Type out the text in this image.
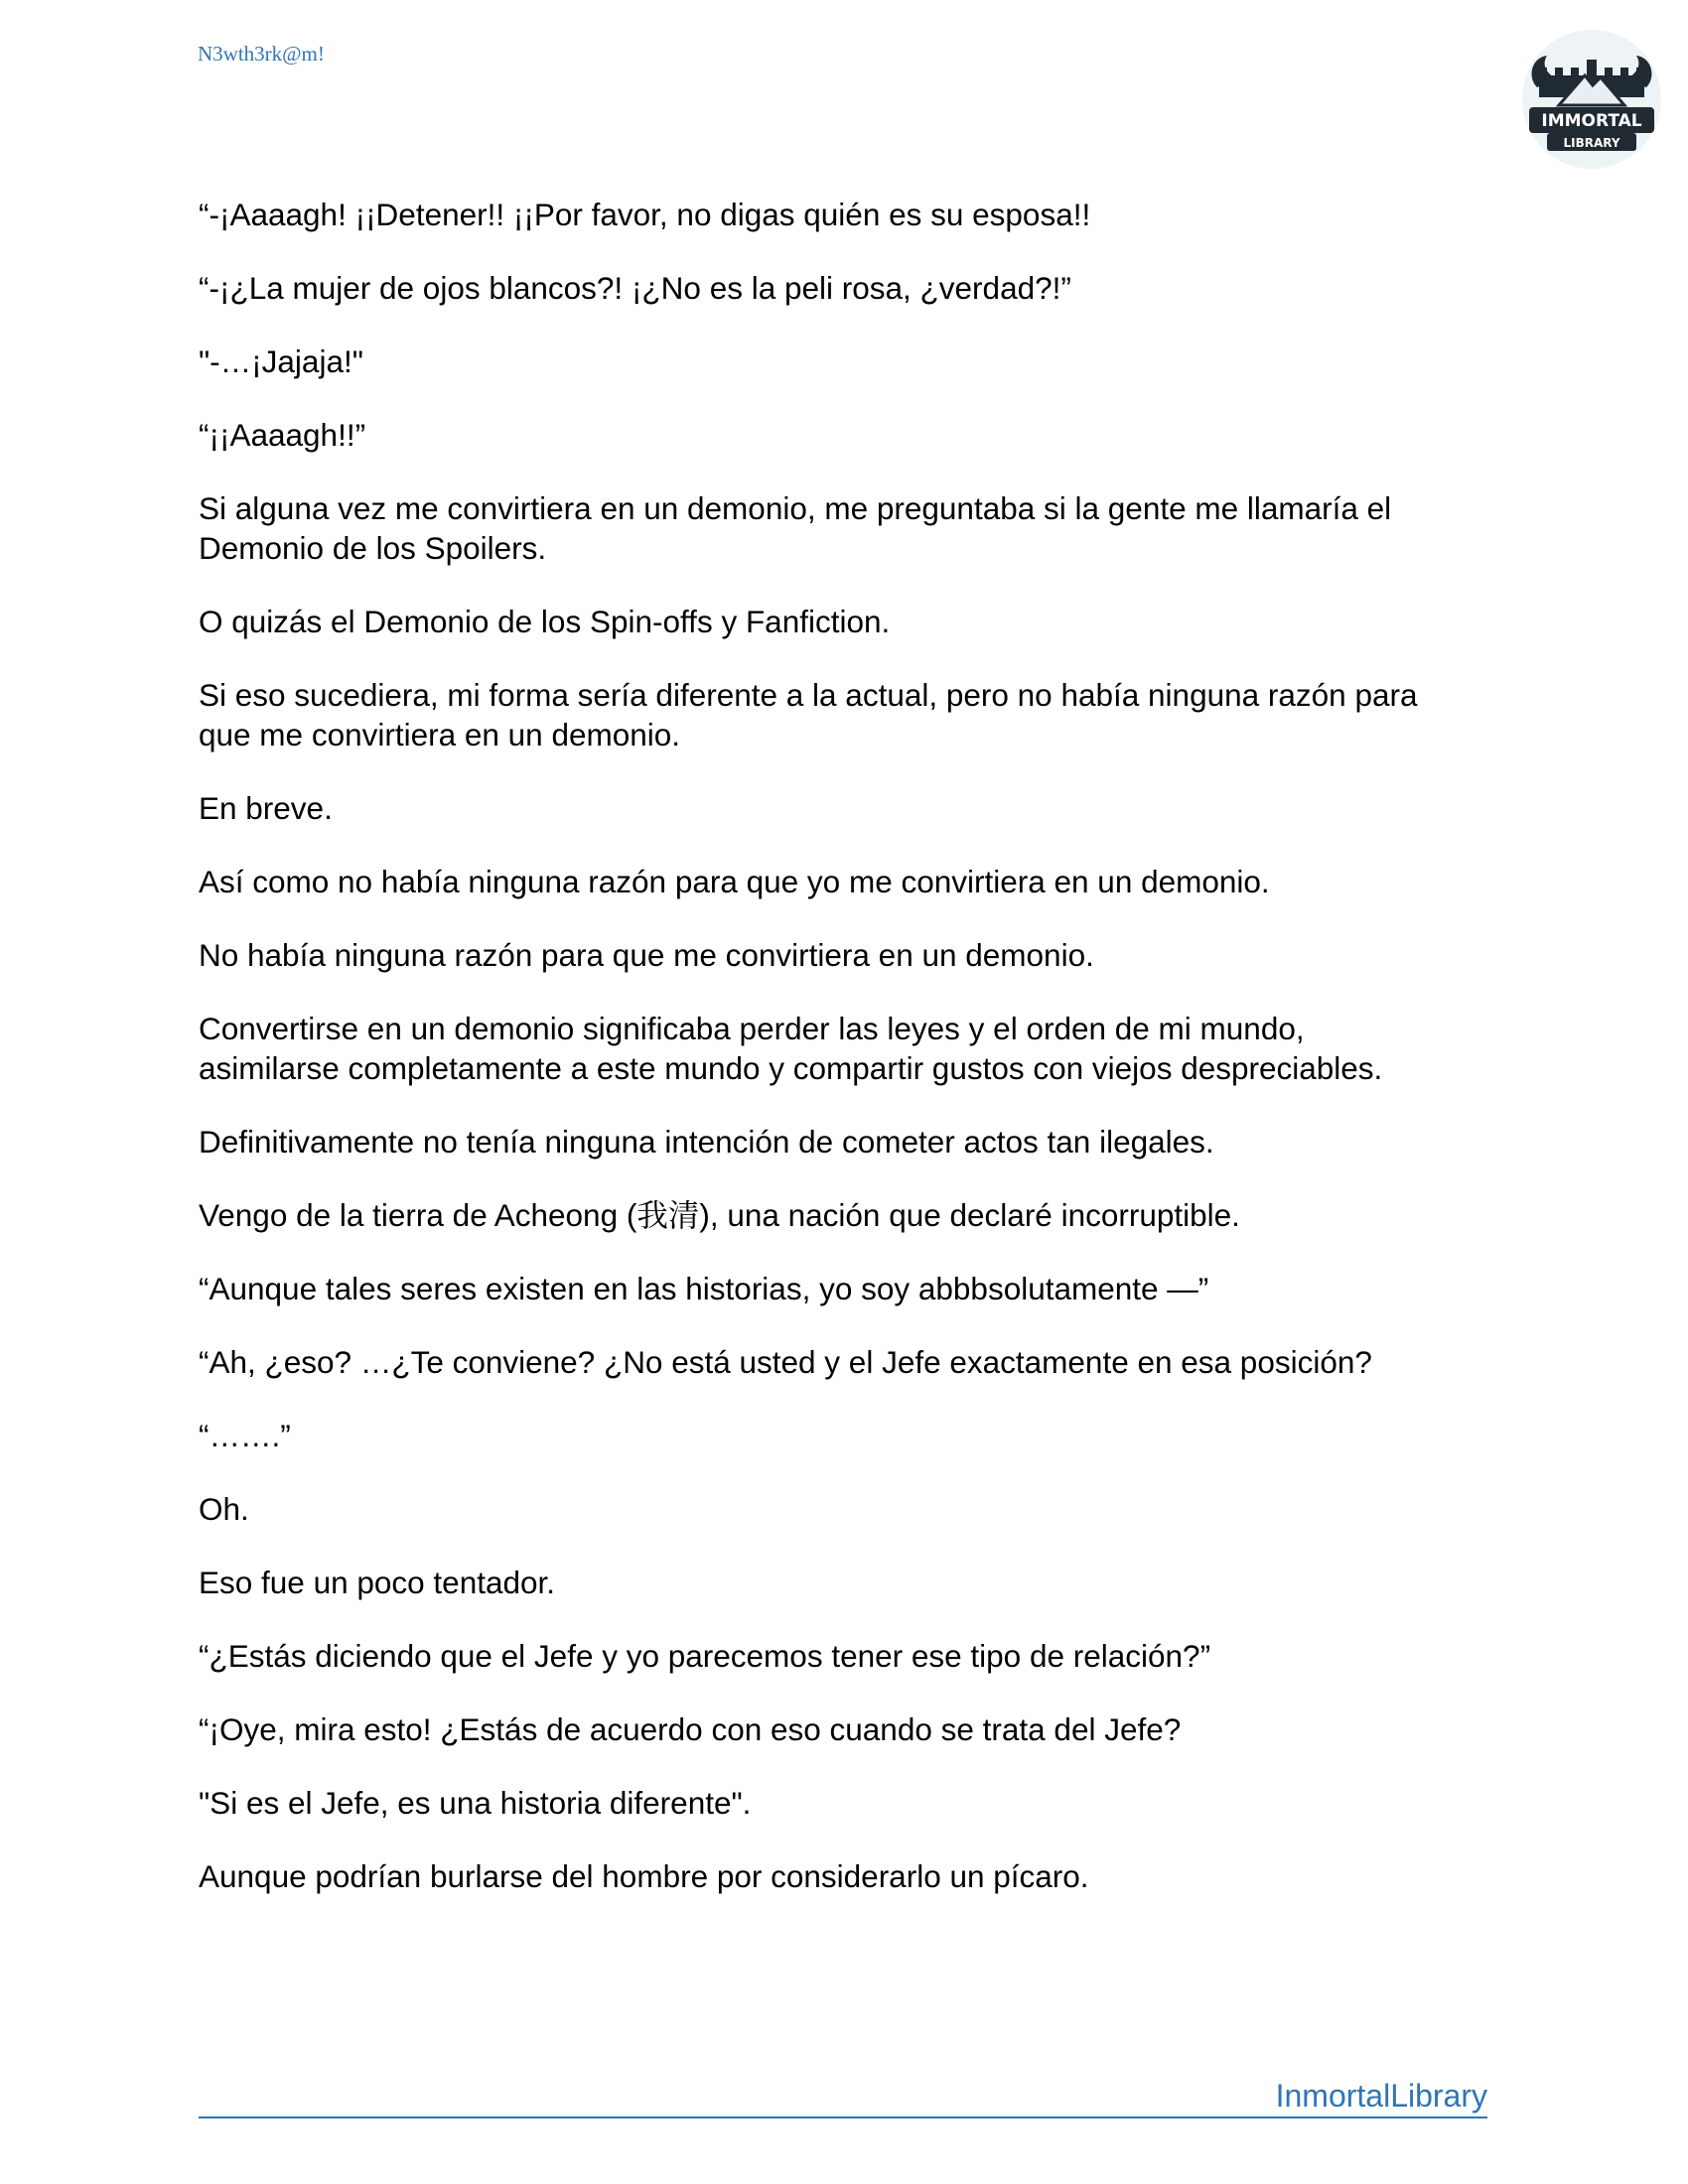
N3wth3rk@m!
IMMORTAL
LIBRARY

“-¡Aaaagh! ¡¡Detener!! ¡¡Por favor, no digas quién es su esposa!!

“-¡¿La mujer de ojos blancos?! ¡¿No es la peli rosa, ¿verdad?!”

"-…¡Jajaja!"

“¡¡Aaaagh!!”

Si alguna vez me convirtiera en un demonio, me preguntaba si la gente me llamaría el
Demonio de los Spoilers.

O quizás el Demonio de los Spin-offs y Fanfiction.

Si eso sucediera, mi forma sería diferente a la actual, pero no había ninguna razón para
que me convirtiera en un demonio.

En breve.

Así como no había ninguna razón para que yo me convirtiera en un demonio.

No había ninguna razón para que me convirtiera en un demonio.

Convertirse en un demonio significaba perder las leyes y el orden de mi mundo,
asimilarse completamente a este mundo y compartir gustos con viejos despreciables.

Definitivamente no tenía ninguna intención de cometer actos tan ilegales.

Vengo de la tierra de Acheong (我清), una nación que declaré incorruptible.

“Aunque tales seres existen en las historias, yo soy abbbsolutamente —”

“Ah, ¿eso? …¿Te conviene? ¿No está usted y el Jefe exactamente en esa posición?

“…….”

Oh.

Eso fue un poco tentador.

“¿Estás diciendo que el Jefe y yo parecemos tener ese tipo de relación?”

“¡Oye, mira esto! ¿Estás de acuerdo con eso cuando se trata del Jefe?

"Si es el Jefe, es una historia diferente".

Aunque podrían burlarse del hombre por considerarlo un pícaro.

InmortalLibrary
